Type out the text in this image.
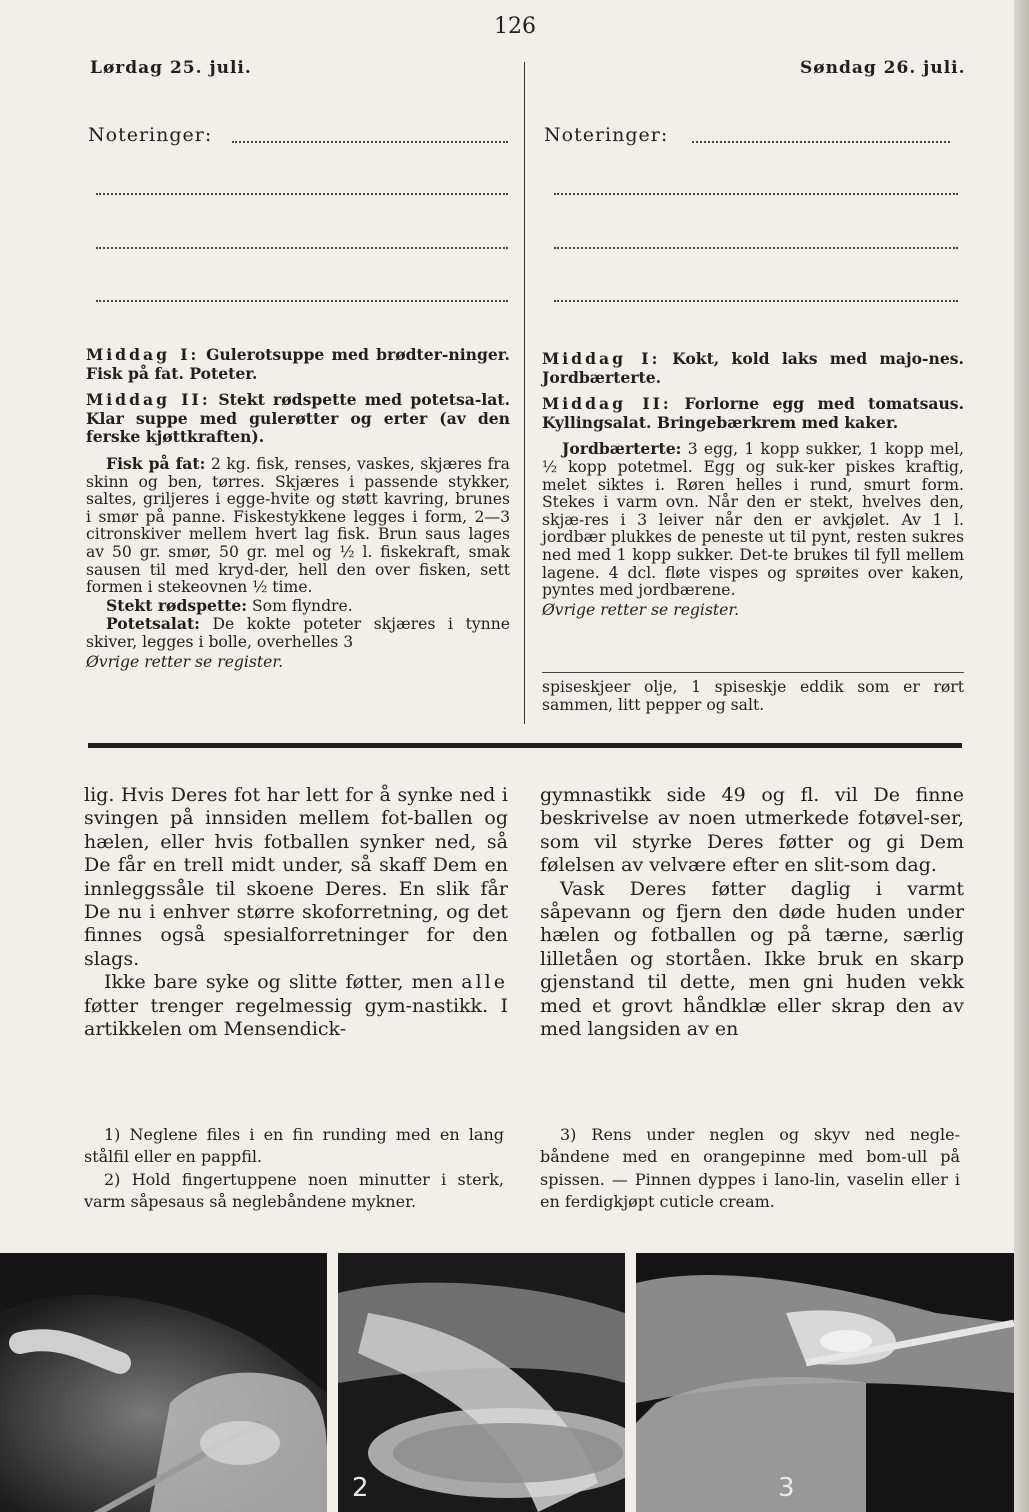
126
Lørdag 25. juli.
Noteringer:

Middag I: Gulerotsuppe med brødter-ninger. Fisk på fat. Poteter.

Middag II: Stekt rødspette med potetsa-lat. Klar suppe med gulerøtter og erter (av den ferske kjøttkraften).

Fisk på fat: 2 kg. fisk, renses, vaskes, skjæres fra skinn og ben, tørres. Skjæres i passende stykker, saltes, griljeres i egge-hvite og støtt kavring, brunes i smør på panne. Fiskestykkene legges i form, 2—3 citronskiver mellem hvert lag fisk. Brun saus lages av 50 gr. smør, 50 gr. mel og ½ l. fiskekraft, smak sausen til med kryd-der, hell den over fisken, sett formen i stekeovnen ½ time.

Stekt rødspette: Som flyndre.

Potetsalat: De kokte poteter skjæres i tynne skiver, legges i bolle, overhelles 3

Øvrige retter se register.

Søndag 26. juli.
Noteringer:

Middag I: Kokt, kold laks med majo-nes. Jordbærterte.

Middag II: Forlorne egg med tomatsaus. Kyllingsalat. Bringebærkrem med kaker.

Jordbærterte: 3 egg, 1 kopp sukker, 1 kopp mel, ½ kopp potetmel. Egg og suk-ker piskes kraftig, melet siktes i. Røren helles i rund, smurt form. Stekes i varm ovn. Når den er stekt, hvelves den, skjæ-res i 3 leiver når den er avkjølet. Av 1 l. jordbær plukkes de peneste ut til pynt, resten sukres ned med 1 kopp sukker. Det-te brukes til fyll mellem lagene. 4 dcl. fløte vispes og sprøites over kaken, pyntes med jordbærene.

Øvrige retter se register.

spiseskjeer olje, 1 spiseskje eddik som er rørt sammen, litt pepper og salt.

lig. Hvis Deres fot har lett for å synke ned i svingen på innsiden mellem fot-ballen og hælen, eller hvis fotballen synker ned, så De får en trell midt under, så skaff Dem en innleggssåle til skoene Deres. En slik får De nu i enhver større skoforretning, og det finnes også spesialforretninger for den slags.

Ikke bare syke og slitte føtter, men alle føtter trenger regelmessig gym-nastikk. I artikkelen om Mensendick-

gymnastikk side 49 og fl. vil De finne beskrivelse av noen utmerkede fotøvel-ser, som vil styrke Deres føtter og gi Dem følelsen av velvære efter en slit-som dag.

Vask Deres føtter daglig i varmt såpevann og fjern den døde huden under hælen og fotballen og på tærne, særlig lilletåen og stortåen. Ikke bruk en skarp gjenstand til dette, men gni huden vekk med et grovt håndklæ eller skrap den av med langsiden av en

1) Neglene files i en fin runding med en lang stålfil eller en pappfil.

2) Hold fingertuppene noen minutter i sterk, varm såpesaus så neglebåndene mykner.

3) Rens under neglen og skyv ned negle-båndene med en orangepinne med bom-ull på spissen. — Pinnen dyppes i lano-lin, vaselin eller i en ferdigkjøpt cuticle cream.

2	3
